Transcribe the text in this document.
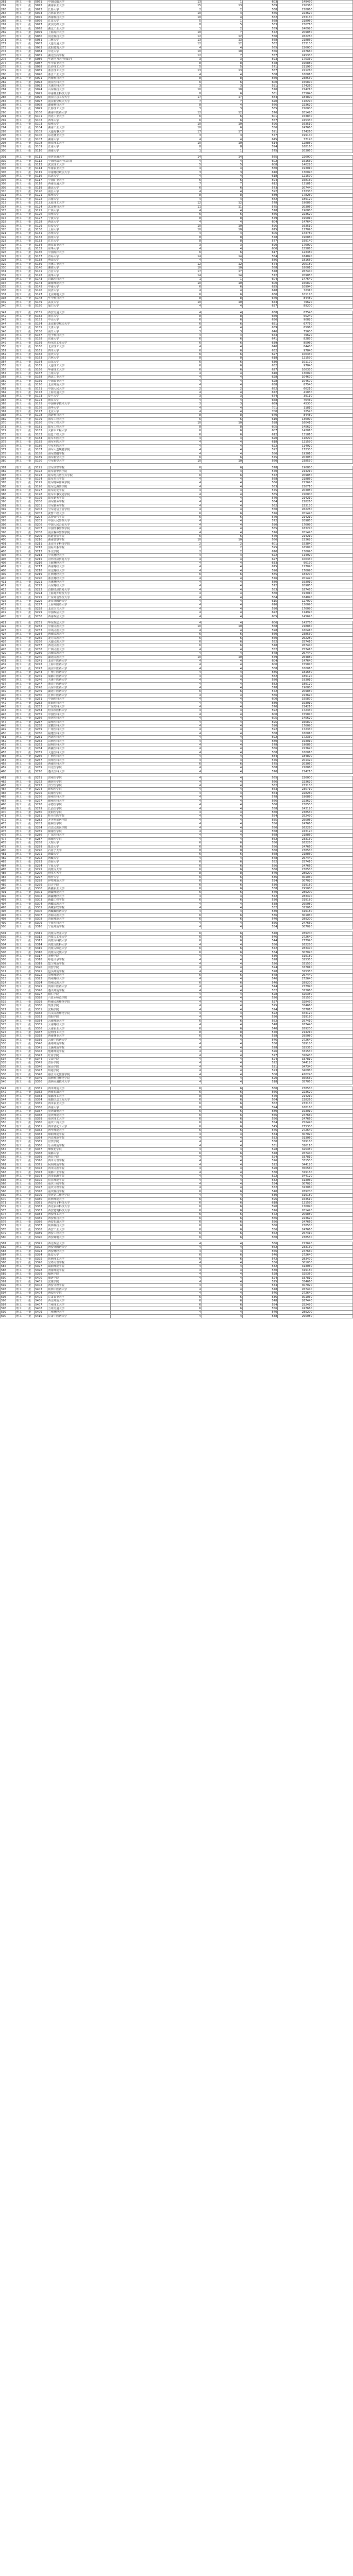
261	理工	一批	5071	中国民航大学	13	1	603	149490	
262	理工	一批	5072	湖南农业大学	15	13	569	216360	
263	理工	一批	5073	长春大学	2	2	568	218860	
264	理工	一批	5074	吉林农业大学	10	4	566	223620	
265	理工	一批	5075	西南科技大学	10	4	562	233130	
266	理工	一批	5076	江汉大学	5	1	568	218950	
267	理工	一批	5077	武汉纺织大学	8	5	563	230710	
268	理工	一批	5078	湖北工业大学	1	2	559	240920	
269	理工	一批	5079	上海海洋大学	10	7	572	209850	
270	理工	一批	5080	河北科技大学	12	12	550	262280	
271	理工	一批	5081	三峡大学	13	13	568	218860	
272	理工	一批	5082	大连交通大学	12	12	562	233130	
273	理工	一批	5083	沈阳建筑大学	4	4	565	226000	
274	理工	一批	5084	中北大学	10	10	556	247660	
275	理工	一批	5085	湖北医药学院	12	7	557	245330	
276	理工	一批	5086	华北电力大学(保定)	3	3	593	170330	
277	理工	一批	5087	华中农业大学	8	8	578	196880	
278	理工	一批	5088	长沙理工大学	5	5	571	211980	
279	理工	一批	5089	浙江理工大学	13	13	567	221260	
280	理工	一批	5090	浙江工业大学	4	4	588	180010	
281	理工	一批	5091	河南科技大学	8	8	560	238530	
282	理工	一批	5092	南京医科大学	6	6	600	155870	
283	理工	一批	5093	天津医科大学	3	3	591	174260	
284	理工	一批	5094	山东科技大学	10	10	570	214210	
285	理工	一批	5095	中南林业科技大学	8	6	561	235840	
286	理工	一批	5096	南京信息工程大学	17	17	584	184890	
287	理工	一批	5097	南京航空航天大学	7	7	620	118290	
288	理工	一批	5098	湖南科技大学	8	4	566	223620	
289	理工	一批	5099	长春理工大学	3	3	565	226000	
290	理工	一批	5100	湖南中医药大学	12	12	576	201420	
291	理工	一批	5101	河北工业大学	6	6	601	153840	
292	理工	一批	5102	西华大学	6	6	557	245330	
293	理工	一批	5103	福州大学	10	10	596	163510	
294	理工	一批	5104	湖南工业大学	10	6	556	247660	
295	理工	一批	5105	大连海事大学	17	17	591	174260	
296	理工	一批	5106	东北林业大学	3	3	577	199140	
297	理工	一批	5107	湖南大学	4	4	645	77190	
298	理工	一批	5108	南京理工大学	10	10	614	128850	
299	理工	一批	5109	江南大学	8	8	594	168160	
300	理工	一批	5110	海南大学	1	1	575	203050	

301	理工	一批	5111	重庆交通大学	14	14	565	226000	
302	理工	一批	5112	中国地质大学(武汉)	4	4	602	151660	
303	理工	一批	5113	武汉理工大学	5	5	608	140220	
304	理工	一批	5114	华南农业大学	4	4	580	193010	
305	理工	一批	5115	中南财经政法大学	3	3	610	136090	
306	理工	一批	5116	东北大学	4	4	618	121590	
307	理工	一批	5117	中国矿业大学	6	6	594	168160	
308	理工	一批	5118	西南交通大学	7	7	612	131810	
309	理工	一批	5119	湖北大学	6	6	573	207440	
310	理工	一批	5120	南昌大学	4	4	592	172330	
311	理工	一批	5121	郑州大学	8	8	589	178260	
312	理工	一批	5122	云南大学	4	4	582	189120	
313	理工	一批	5123	太原理工大学	12	12	578	196880	
314	理工	一批	5124	武汉科技大学	11	11	575	203050	
315	理工	一批	5125	广西大学	4	4	578	196880	
316	理工	一批	5126	贵州大学	6	6	566	223620	
317	理工	一批	5127	宁波大学	8	8	579	195010	
318	理工	一批	5128	西北大学	4	4	604	147640	
319	理工	一批	5129	长安大学	10	10	596	163510	
320	理工	一批	5130	上海大学	10	10	615	127090	
321	理工	一批	5131	苏州大学	4	4	606	143780	
322	理工	一批	5132	扬州大学	8	8	578	196880	
323	理工	一批	5133	江苏大学	8	8	577	199140	
324	理工	一批	5134	南京农业大学	3	3	590	176090	
325	理工	一批	5135	东华大学	4	4	600	155870	
326	理工	一批	5136	中国海洋大学	6	6	617	123380	
327	理工	一批	5137	青岛大学	14	14	584	184890	
328	理工	一批	5138	燕山大学	4	4	586	181650	
329	理工	一批	5139	天津工业大学	12	12	574	205180	
330	理工	一批	5140	湘潭大学	10	10	588	180010	
331	理工	一批	5141	吉首大学	17	17	548	267440	
332	理工	一批	5142	南华大学	14	14	572	209850	
333	理工	一批	5143	首都医科大学	1	1	604	147640	
334	理工	一批	5144	湖南师范大学	10	10	600	155870	
335	理工	一批	5145	中南大学	6	6	625	109940	
336	理工	一批	5146	同济大学	4	4	648	72310	
337	理工	一批	5147	北京邮电大学	6	6	630	101170	
338	理工	一批	5148	华中科技大学	8	8	640	84480	
339	理工	一批	5149	武汉大学	10	10	643	79620	
340	理工	一批	5150	厦门大学	4	4	637	89200	

341	理工	一批	5151	西安交通大学	4	4	638	87540	
342	理工	一批	5152	浙江大学	8	8	660	55240	
343	理工	一批	5153	中山大学	6	6	636	90820	
344	理工	一批	5154	北京航空航天大学	6	6	651	67750	
345	理工	一批	5155	天津大学	4	4	639	85960	
346	理工	一批	5156	南开大学	3	3	646	75600	
347	理工	一批	5157	电子科技大学	4	4	643	79620	
348	理工	一批	5158	东南大学	6	6	641	82830	
349	理工	一批	5159	哈尔滨工业大学	6	6	639	85960	
350	理工	一批	5160	北京理工大学	4	4	640	84480	
351	理工	一批	5161	四川大学	6	6	632	97840	
352	理工	一批	5162	重庆大学	6	6	627	106330	
353	理工	一批	5163	吉林大学	8	8	618	121590	
354	理工	一批	5164	山东大学	6	6	630	101170	
355	理工	一批	5165	大连理工大学	6	6	632	97840	
356	理工	一批	5166	华南理工大学	6	6	627	106330	
357	理工	一批	5167	兰州大学	4	4	610	136090	
358	理工	一批	5168	西北工业大学	4	4	628	104670	
359	理工	一批	5169	中国农业大学	4	4	628	104670	
360	理工	一批	5170	北京师范大学	4	4	638	87540	
361	理工	一批	5171	中国人民大学	2	2	652	66210	
362	理工	一批	5172	上海交通大学	4	4	672	41830	
363	理工	一批	5173	复旦大学	3	3	674	39110	
364	理工	一批	5174	南京大学	4	4	668	46460	
365	理工	一批	5175	中国科学技术大学	3	3	669	45300	
366	理工	一批	5176	清华大学	4	4	701	11810	
367	理工	一批	5177	北京大学	4	4	700	12520	
368	理工	一批	5178	国防科技大学	8	8	640	84480	
369	理工	一批	5179	海军工程大学	6	6	610	136090	
370	理工	一批	5180	空军工程大学	10	10	598	160410	
371	理工	一批	5181	陆军工程大学	8	8	605	145620	
372	理工	一批	5182	火箭军工程大学	6	6	607	142010	
373	理工	一批	5183	信息工程大学	6	6	612	131810	
374	理工	一批	5184	陆军军医大学	4	4	620	118290	
375	理工	一批	5185	海军军医大学	4	4	618	121590	
376	理工	一批	5186	空军军医大学	4	4	622	114920	
377	理工	一批	5187	海军大连舰艇学院	4	4	592	172330	
378	理工	一批	5188	海军潜艇学院	4	4	580	193010	
379	理工	一批	5189	海军航空大学	6	6	575	203050	
380	理工	一批	5190	空军航空大学	10	10	560	238530	

381	理工	一批	5191	空军预警学院	6	6	578	196880	
382	理工	一批	5192	陆军装甲兵学院	4	4	570	214210	
383	理工	一批	5193	陆军炮兵防空兵学院	6	6	572	209850	
384	理工	一批	5194	陆军步兵学院	4	4	568	218860	
385	理工	一批	5195	陆军特种作战学院	4	4	566	223620	
386	理工	一批	5196	陆军边海防学院	4	4	563	230710	
387	理工	一批	5197	陆军防化学院	4	4	575	203050	
388	理工	一批	5198	陆军军事交通学院	4	4	565	226000	
389	理工	一批	5199	陆军勤务学院	4	4	570	214210	
390	理工	一批	5200	海军勤务学院	4	4	564	228260	
391	理工	一批	5201	空军勤务学院	4	4	562	233130	
392	理工	一批	5202	空军通信士官学校	4	4	550	262280	
393	理工	一批	5203	武警工程大学	6	6	576	201420	
394	理工	一批	5204	武警警官学院	6	6	570	214210	
395	理工	一批	5205	中国人民警察大学	4	4	572	209850	
396	理工	一批	5206	中国人民公安大学	4	4	590	176090	
397	理工	一批	5207	中国刑事警察学院	4	4	585	183270	
398	理工	一批	5208	南京森林警察学院	4	4	576	201420	
399	理工	一批	5209	铁道警察学院	6	6	570	214210	
400	理工	一批	5210	湖南警察学院	10	10	566	223620	
401	理工	一批	5211	北京电子科技学院	2	2	601	153840	
402	理工	一批	5212	国际关系学院	2	2	595	165870	
403	理工	一批	5213	外交学院	2	2	610	136090	
404	理工	一批	5214	中央财经大学	4	4	622	114920	
405	理工	一批	5215	对外经济贸易大学	4	4	627	106330	
406	理工	一批	5216	上海财经大学	4	4	633	96190	
407	理工	一批	5217	西南财经大学	4	4	615	127090	
408	理工	一批	5218	东北财经大学	4	4	590	176090	
409	理工	一批	5219	江西财经大学	6	6	585	183270	
410	理工	一批	5220	浙江财经大学	4	4	576	201420	
411	理工	一批	5221	天津财经大学	4	4	580	193010	
412	理工	一批	5222	山东财经大学	4	4	572	209850	
413	理工	一批	5223	首都经济贸易大学	4	4	583	187470	
414	理工	一批	5224	上海对外经贸大学	4	4	580	193010	
415	理工	一批	5225	广东外语外贸大学	4	4	584	184890	
416	理工	一批	5226	北京外国语大学	4	4	615	127090	
417	理工	一批	5227	上海外国语大学	4	4	610	136090	
418	理工	一批	5228	北京语言大学	4	4	590	176090	
419	理工	一批	5229	中国政法大学	4	4	622	114920	
420	理工	一批	5230	西南政法大学	4	4	605	145620	

421	理工	一批	5231	华东政法大学	4	4	606	143780	
422	理工	一批	5232	中南民族大学	10	10	568	218860	
423	理工	一批	5233	中央民族大学	4	4	598	160410	
424	理工	一批	5234	西南民族大学	6	6	560	238530	
425	理工	一批	5235	北方民族大学	6	6	550	262280	
426	理工	一批	5236	大连民族大学	6	6	552	257410	
427	理工	一批	5237	西北民族大学	6	6	548	267440	
428	理工	一批	5238	广西民族大学	4	4	552	257410	
429	理工	一批	5239	云南民族大学	4	4	548	267440	
430	理工	一批	5240	湖北民族大学	10	10	549	264880	
431	理工	一批	5241	北京中医药大学	4	4	604	147640	
432	理工	一批	5242	上海中医药大学	4	4	600	155870	
433	理工	一批	5243	南京中医药大学	4	4	588	180010	
434	理工	一批	5244	广州中医药大学	4	4	586	181650	
435	理工	一批	5245	成都中医药大学	4	4	582	189120	
436	理工	一批	5246	天津中医药大学	4	4	580	193010	
437	理工	一批	5247	浙江中医药大学	4	4	582	189120	
438	理工	一批	5248	山东中医药大学	4	4	578	196880	
439	理工	一批	5249	湖北中医药大学	6	6	572	209850	
440	理工	一批	5250	江西中医药大学	4	4	566	223620	
441	理工	一批	5251	中国药科大学	4	4	600	155870	
442	理工	一批	5252	沈阳药科大学	4	4	580	193010	
443	理工	一批	5253	广东药科大学	4	4	570	214210	
444	理工	一批	5254	哈尔滨医科大学	4	4	592	172330	
445	理工	一批	5255	中国医科大学	4	4	600	155870	
446	理工	一批	5256	重庆医科大学	4	4	605	145620	
447	理工	一批	5257	温州医科大学	4	4	595	165870	
448	理工	一批	5258	安徽医科大学	4	4	590	176090	
449	理工	一批	5259	广州医科大学	4	4	592	172330	
450	理工	一批	5260	福建医科大学	4	4	588	180010	
451	理工	一批	5261	河北医科大学	4	4	592	172330	
452	理工	一批	5262	山西医科大学	4	4	580	193010	
453	理工	一批	5263	昆明医科大学	4	4	578	196880	
454	理工	一批	5264	新疆医科大学	4	4	566	223620	
455	理工	一批	5265	大连医科大学	4	4	588	180010	
456	理工	一批	5266	广西医科大学	4	4	584	184890	
457	理工	一批	5267	贵州医科大学	4	4	576	201420	
458	理工	一批	5268	西南医科大学	6	6	575	203050	
459	理工	一批	5269	川北医学院	4	4	568	218860	
460	理工	一批	5270	遵义医科大学	4	4	570	214210	

461	理工	一批	5271	滨州医学院	4	4	565	226000	
462	理工	一批	5272	潍坊医学院	4	4	566	223620	
463	理工	一批	5273	济宁医学院	4	4	562	233130	
464	理工	一批	5274	蚌埠医学院	4	4	563	230710	
465	理工	一批	5275	皖南医学院	4	4	564	228260	
466	理工	一批	5276	徐州医科大学	4	4	578	196880	
467	理工	一批	5277	锦州医科大学	4	4	566	223620	
468	理工	一批	5278	承德医学院	4	4	560	238530	
469	理工	一批	5279	长治医学院	4	4	558	243120	
470	理工	一批	5280	沈阳医学院	4	4	560	238530	
471	理工	一批	5281	牡丹江医学院	4	4	554	252490	
472	理工	一批	5282	齐齐哈尔医学院	4	4	555	250050	
473	理工	一批	5283	桂林医学院	4	4	556	247660	
474	理工	一批	5284	右江民族医学院	4	4	550	262280	
475	理工	一批	5285	赣南医学院	4	4	558	243120	
476	理工	一批	5286	广东医科大学	4	4	568	218860	
477	理工	一批	5287	海南医学院	4	4	562	233130	
478	理工	一批	5288	大理大学	6	6	550	262280	
479	理工	一批	5289	延边大学	6	6	556	247660	
480	理工	一批	5290	石河子大学	8	8	560	238530	
481	理工	一批	5291	新疆大学	6	6	568	218860	
482	理工	一批	5292	西藏大学	4	4	548	267440	
483	理工	一批	5293	青海大学	6	6	552	257410	
484	理工	一批	5294	宁夏大学	6	6	556	247660	
485	理工	一批	5295	内蒙古大学	6	6	560	238530	
486	理工	一批	5296	塔里木大学	8	8	540	289200	
487	理工	一批	5297	喀什大学	6	6	536	301030	
488	理工	一批	5298	伊犁师范大学	6	6	534	307020	
489	理工	一批	5299	昌吉学院	6	6	530	319180	
490	理工	一批	5300	新疆农业大学	6	6	538	295080	
491	理工	一批	5301	新疆师范大学	6	6	540	289200	
492	理工	一批	5302	新疆财经大学	4	4	542	283470	
493	理工	一批	5303	新疆工程学院	6	6	530	319180	
494	理工	一批	5304	西藏民族大学	4	4	538	295080	
495	理工	一批	5305	西藏农牧学院	4	4	532	313060	
496	理工	一批	5306	西藏藏医药大学	4	4	530	319180	
497	理工	一批	5307	青海民族大学	6	6	536	301030	
498	理工	一批	5308	青海师范大学	6	6	540	289200	
499	理工	一批	5309	宁夏医科大学	4	4	556	247660	
500	理工	一批	5310	宁夏师范学院	4	4	534	307020	

501	理工	一批	5311	内蒙古农业大学	6	6	540	289200	
502	理工	一批	5312	内蒙古工业大学	6	6	546	272640	
503	理工	一批	5313	内蒙古科技大学	6	6	544	277990	
504	理工	一批	5314	内蒙古医科大学	4	4	550	262280	
505	理工	一批	5315	内蒙古师范大学	6	6	542	283470	
506	理工	一批	5316	内蒙古民族大学	6	6	534	307020	
507	理工	一批	5317	赤峰学院	4	4	530	319180	
508	理工	一批	5318	呼伦贝尔学院	4	4	528	325350	
509	理工	一批	5319	集宁师范学院	4	4	526	331530	
510	理工	一批	5320	河套学院	4	4	524	337810	
511	理工	一批	5321	包头师范学院	4	4	528	325350	
512	理工	一批	5322	贵州师范大学	6	6	548	267440	
513	理工	一批	5323	贵州财经大学	4	4	546	272640	
514	理工	一批	5324	贵州民族大学	6	6	540	289200	
515	理工	一批	5325	贵州中医药大学	4	4	544	277990	
516	理工	一批	5326	遵义师范学院	4	4	532	313060	
517	理工	一批	5327	铜仁学院	4	4	528	325350	
518	理工	一批	5328	六盘水师范学院	4	4	526	331530	
519	理工	一批	5329	黔南民族师范学院	4	4	527	328430	
520	理工	一批	5330	凯里学院	4	4	525	334660	
521	理工	一批	5331	安顺学院	4	4	524	337810	
522	理工	一批	5332	兴义民族师范学院	4	4	522	344120	
523	理工	一批	5333	贵阳学院	4	4	530	319180	
524	理工	一批	5334	云南师范大学	6	6	552	257410	
525	理工	一批	5335	云南财经大学	4	4	548	267440	
526	理工	一批	5336	云南农业大学	6	6	540	289200	
527	理工	一批	5337	昆明理工大学	8	8	570	214210	
528	理工	一批	5338	西南林业大学	6	6	538	295080	
529	理工	一批	5339	云南中医药大学	4	4	546	272640	
530	理工	一批	5340	曲靖师范学院	4	4	530	319180	
531	理工	一批	5341	玉溪师范学院	4	4	528	325350	
532	理工	一批	5342	楚雄师范学院	4	4	526	331530	
533	理工	一批	5343	红河学院	4	4	527	328430	
534	理工	一批	5344	文山学院	4	4	524	337810	
535	理工	一批	5345	普洱学院	4	4	522	344120	
536	理工	一批	5346	保山学院	4	4	521	347340	
537	理工	一批	5347	昭通学院	4	4	523	340980	
538	理工	一批	5348	丽江文化旅游学院	4	4	500	410240	
539	理工	一批	5349	滇西科技师范学院	4	4	520	350560	
540	理工	一批	5350	滇西应用技术大学	4	4	518	357050	

541	理工	一批	5351	四川师范大学	6	6	560	238530	
542	理工	一批	5352	西南石油大学	6	6	566	223620	
543	理工	一批	5353	成都理工大学	8	8	570	214210	
544	理工	一批	5354	成都信息工程大学	6	6	564	228260	
545	理工	一批	5355	四川农业大学	6	6	562	233130	
546	理工	一批	5356	西南大学	8	8	594	168160	
547	理工	一批	5357	重庆邮电大学	6	6	580	193010	
548	理工	一批	5358	重庆师范大学	6	6	556	247660	
549	理工	一批	5359	重庆理工大学	6	6	556	247660	
550	理工	一批	5360	重庆工商大学	6	6	554	252490	
551	理工	一批	5361	四川轻化工大学	6	6	545	275300	
552	理工	一批	5362	西华师范大学	6	6	546	272640	
553	理工	一批	5363	绵阳师范学院	4	4	534	307020	
554	理工	一批	5364	内江师范学院	4	4	532	313060	
555	理工	一批	5365	宜宾学院	4	4	530	319180	
556	理工	一批	5366	乐山师范学院	4	4	531	316110	
557	理工	一批	5367	攀枝花学院	4	4	528	325350	
558	理工	一批	5368	成都大学	6	6	548	267440	
559	理工	一批	5369	西昌学院	4	4	524	337810	
560	理工	一批	5370	四川文理学院	4	4	526	331530	
561	理工	一批	5371	阿坝师范学院	4	4	522	344120	
562	理工	一批	5372	四川民族学院	4	4	520	350560	
563	理工	一批	5373	成都工业学院	4	4	530	319180	
564	理工	一批	5374	四川旅游学院	4	4	522	344120	
565	理工	一批	5375	长江师范学院	4	4	532	313060	
566	理工	一批	5376	重庆三峡学院	4	4	534	307020	
567	理工	一批	5377	重庆文理学院	4	4	532	313060	
568	理工	一批	5378	重庆科技学院	6	6	540	289200	
569	理工	一批	5379	重庆第二师范学院	4	4	530	319180	
570	理工	一批	5380	陕西师范大学	6	6	596	163510	
571	理工	一批	5381	西安电子科技大学	6	6	618	121590	
572	理工	一批	5382	西北农林科技大学	6	6	590	176090	
573	理工	一批	5383	西安建筑科技大学	6	6	576	201420	
574	理工	一批	5384	西安理工大学	6	6	572	209850	
575	理工	一批	5385	西安科技大学	6	6	566	223620	
576	理工	一批	5386	西安石油大学	6	6	556	247660	
577	理工	一批	5387	陕西科技大学	6	6	560	238530	
578	理工	一批	5388	西安工业大学	6	6	556	247660	
579	理工	一批	5389	西安工程大学	6	6	552	257410	
580	理工	一批	5390	西安邮电大学	6	6	560	238530	

581	理工	一批	5391	西北政法大学	4	4	566	223620	
582	理工	一批	5392	西安外国语大学	4	4	562	233130	
583	理工	一批	5393	西安财经大学	4	4	556	247660	
584	理工	一批	5394	延安大学	6	6	546	272640	
585	理工	一批	5395	陕西理工大学	6	6	542	283470	
586	理工	一批	5396	宝鸡文理学院	4	4	536	301030	
587	理工	一批	5397	咸阳师范学院	4	4	532	313060	
588	理工	一批	5398	渭南师范学院	4	4	530	319180	
589	理工	一批	5399	榆林学院	4	4	528	325350	
590	理工	一批	5400	商洛学院	4	4	524	337810	
591	理工	一批	5401	安康学院	4	4	525	334660	
592	理工	一批	5402	西安文理学院	4	4	534	307020	
593	理工	一批	5403	陕西中医药大学	4	4	548	267440	
594	理工	一批	5404	西安医学院	4	4	546	272640	
595	理工	一批	5405	甘肃农业大学	6	6	536	301030	
596	理工	一批	5406	西北师范大学	6	6	548	267440	
597	理工	一批	5407	兰州理工大学	6	6	554	252490	
598	理工	一批	5408	兰州交通大学	6	6	556	247660	
599	理工	一批	5409	兰州财经大学	4	4	540	289200	
600	理工	一批	5410	甘肃中医药大学	4	4	538	295080	
